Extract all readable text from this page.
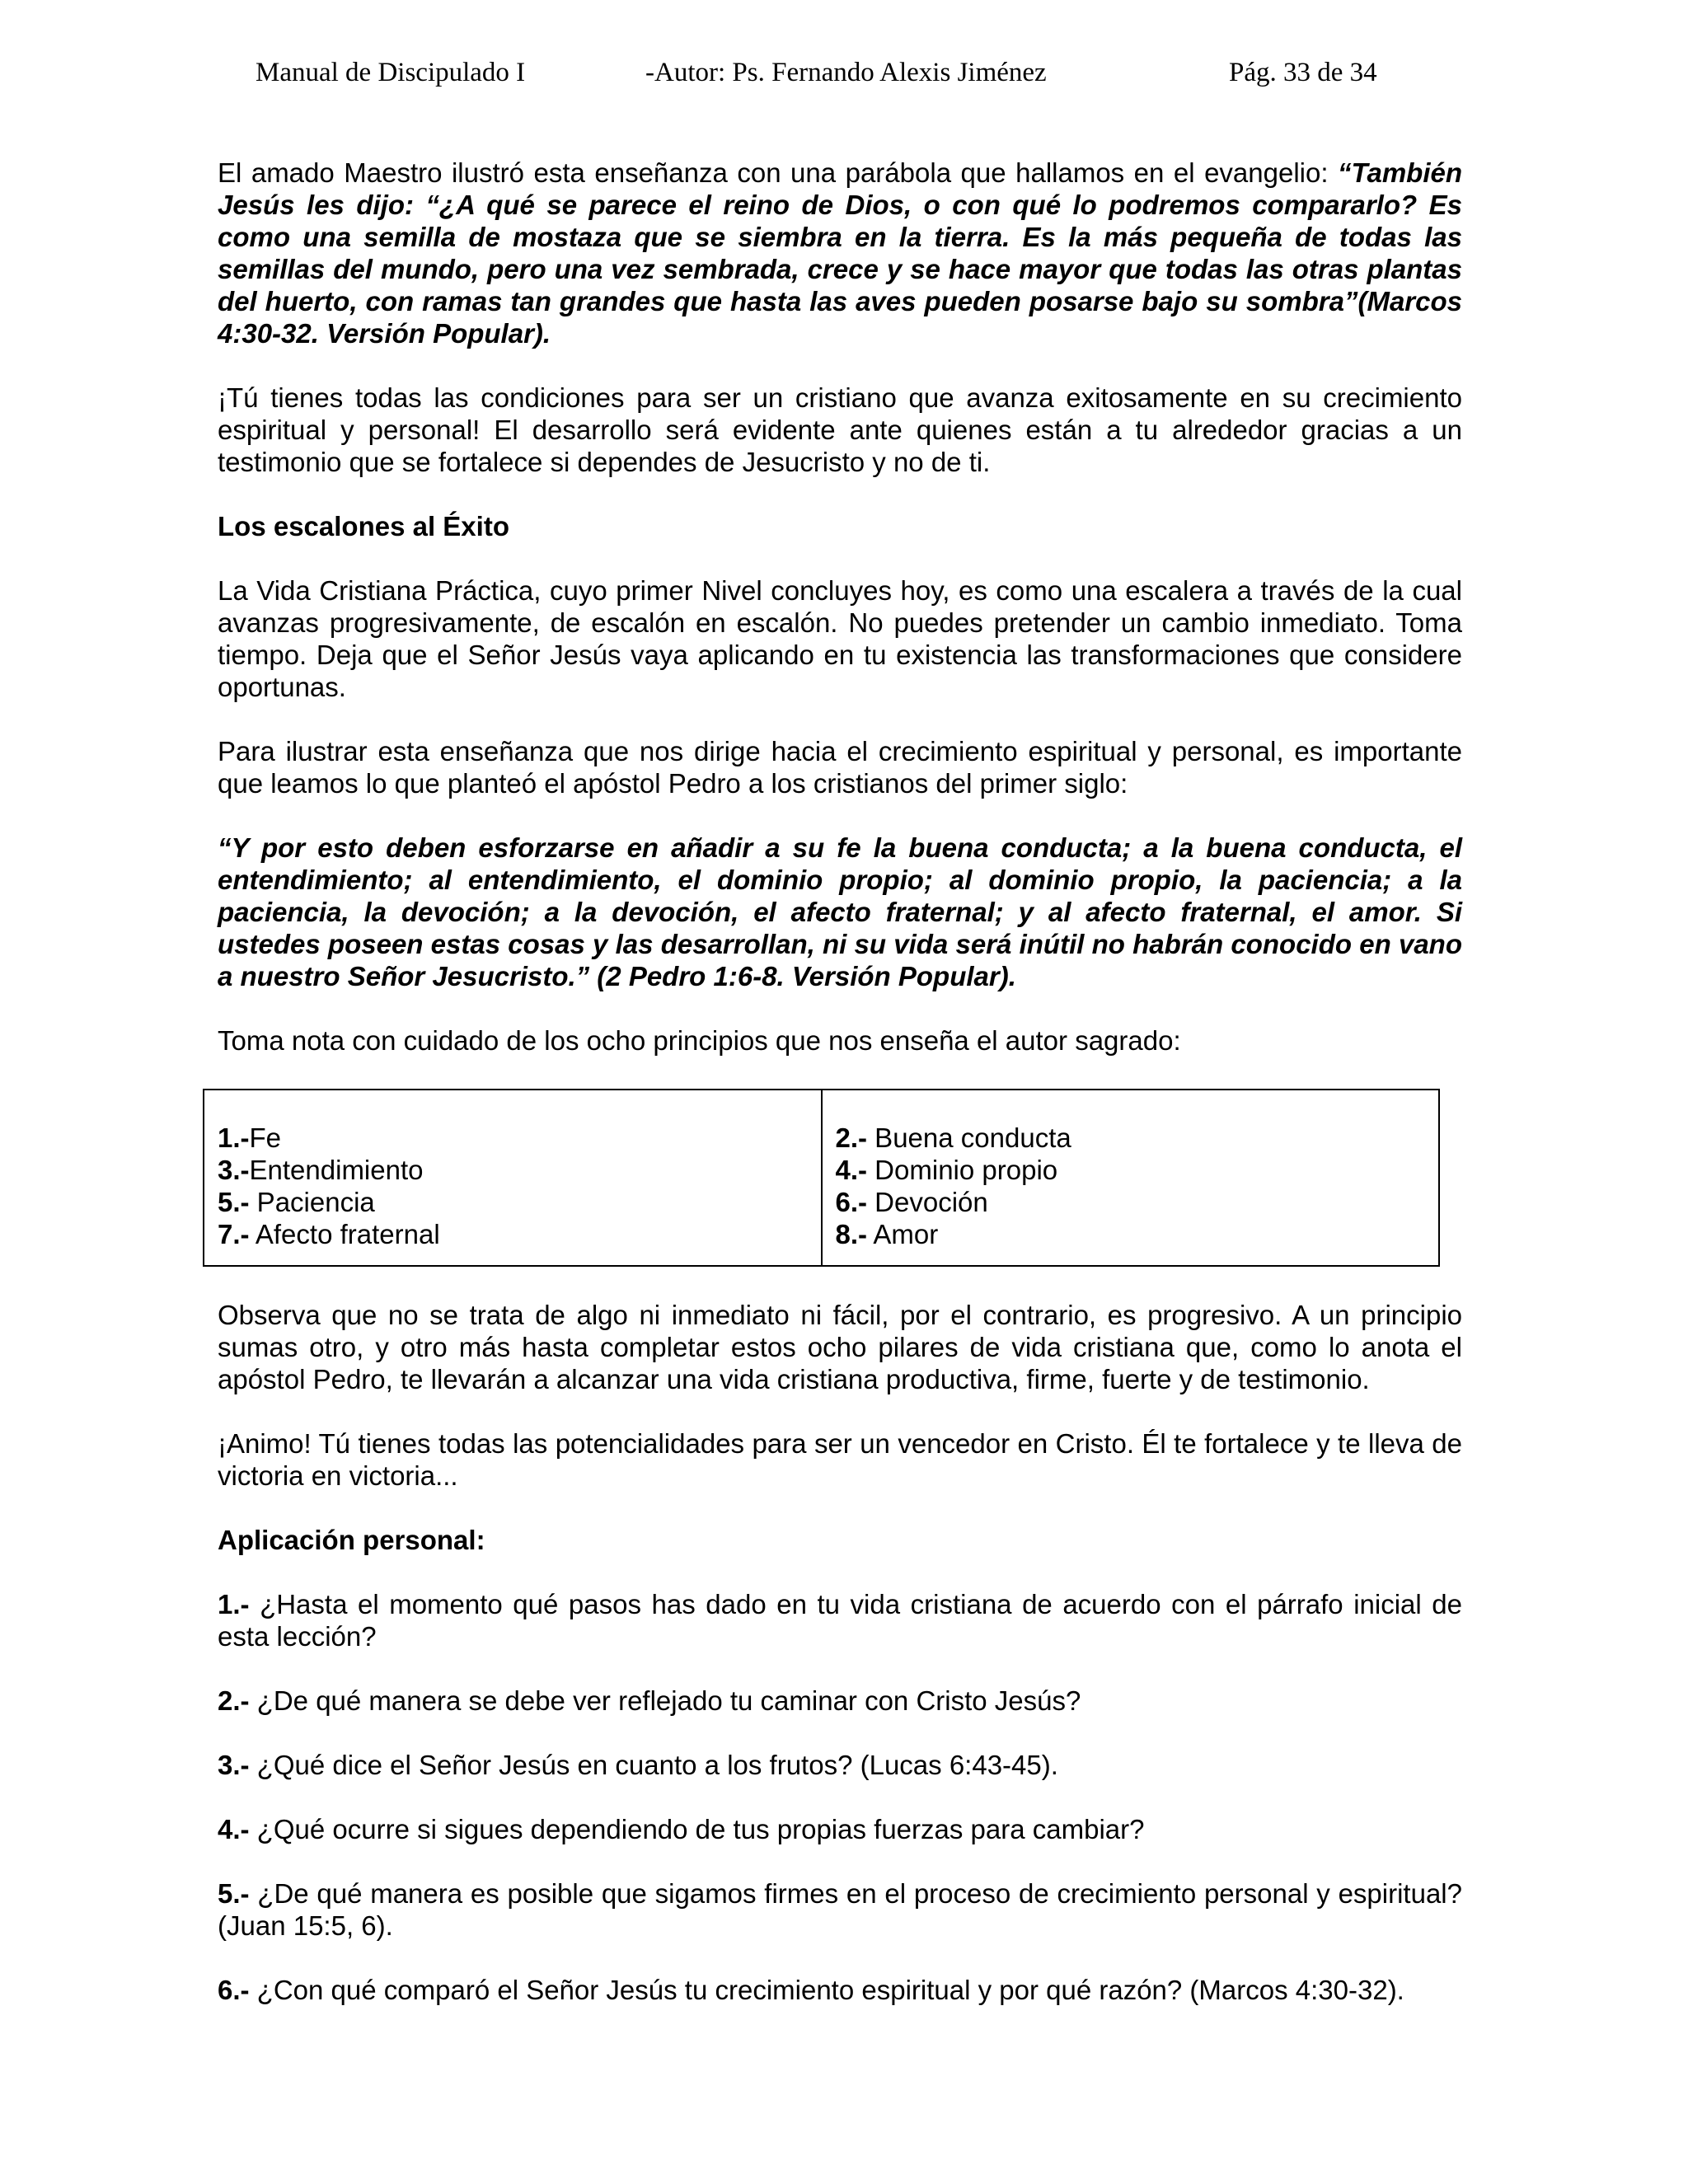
Manual de Discipulado I	-Autor: Ps. Fernando Alexis Jiménez	Pág. 33 de 34

El amado Maestro ilustró esta enseñanza con una parábola que hallamos en el evangelio: “También Jesús les dijo: “¿A qué se parece el reino de Dios, o con qué lo podremos compararlo? Es como una semilla de mostaza que se siembra en la tierra. Es la más pequeña de todas las semillas del mundo, pero una vez sembrada, crece y se hace mayor que todas las otras plantas del huerto, con ramas tan grandes que hasta las aves pueden posarse bajo su sombra”(Marcos 4:30-32. Versión Popular).

¡Tú tienes todas las condiciones para ser un cristiano que avanza exitosamente en su crecimiento espiritual y personal! El desarrollo será evidente ante quienes están a tu alrededor gracias a un testimonio que se fortalece si dependes de Jesucristo y no de ti.

Los escalones al Éxito

La Vida Cristiana Práctica, cuyo primer Nivel concluyes hoy, es como una escalera a través de la cual avanzas progresivamente, de escalón en escalón. No puedes pretender un cambio inmediato. Toma tiempo. Deja que el Señor Jesús vaya aplicando en tu existencia las transformaciones que considere oportunas.

Para ilustrar esta enseñanza que nos dirige hacia el crecimiento espiritual y personal, es importante que leamos lo que planteó el apóstol Pedro a los cristianos del primer siglo:

“Y por esto deben esforzarse en añadir a su fe la buena conducta; a la buena conducta, el entendimiento; al entendimiento, el dominio propio; al dominio propio, la paciencia; a la paciencia, la devoción; a la devoción, el afecto fraternal; y al afecto fraternal, el amor. Si ustedes poseen estas cosas y las desarrollan, ni su vida será inútil no habrán conocido en vano a nuestro Señor Jesucristo.” (2 Pedro 1:6-8. Versión Popular).

Toma nota con cuidado de los ocho principios que nos enseña el autor sagrado:

1.-Fe
3.-Entendimiento
5.- Paciencia
7.- Afecto fraternal
2.- Buena conducta
4.- Dominio propio
6.- Devoción
8.- Amor

Observa que no se trata de algo ni inmediato ni fácil, por el contrario, es progresivo. A un principio sumas otro, y otro más hasta completar estos ocho pilares de vida cristiana que, como lo anota el apóstol Pedro, te llevarán a alcanzar una vida cristiana productiva, firme, fuerte y de testimonio.

¡Animo! Tú tienes todas las potencialidades para ser un vencedor en Cristo. Él te fortalece y te lleva de victoria en victoria...

Aplicación personal:

1.- ¿Hasta el momento qué pasos has dado en tu vida cristiana de acuerdo con el párrafo inicial de esta lección?

2.- ¿De qué manera se debe ver reflejado tu caminar con Cristo Jesús?

3.- ¿Qué dice el Señor Jesús en cuanto a los frutos? (Lucas 6:43-45).

4.- ¿Qué ocurre si sigues dependiendo de tus propias fuerzas para cambiar?

5.- ¿De qué manera es posible que sigamos firmes en el proceso de crecimiento personal y espiritual? (Juan 15:5, 6).

6.- ¿Con qué comparó el Señor Jesús tu crecimiento espiritual y por qué razón? (Marcos 4:30-32).
